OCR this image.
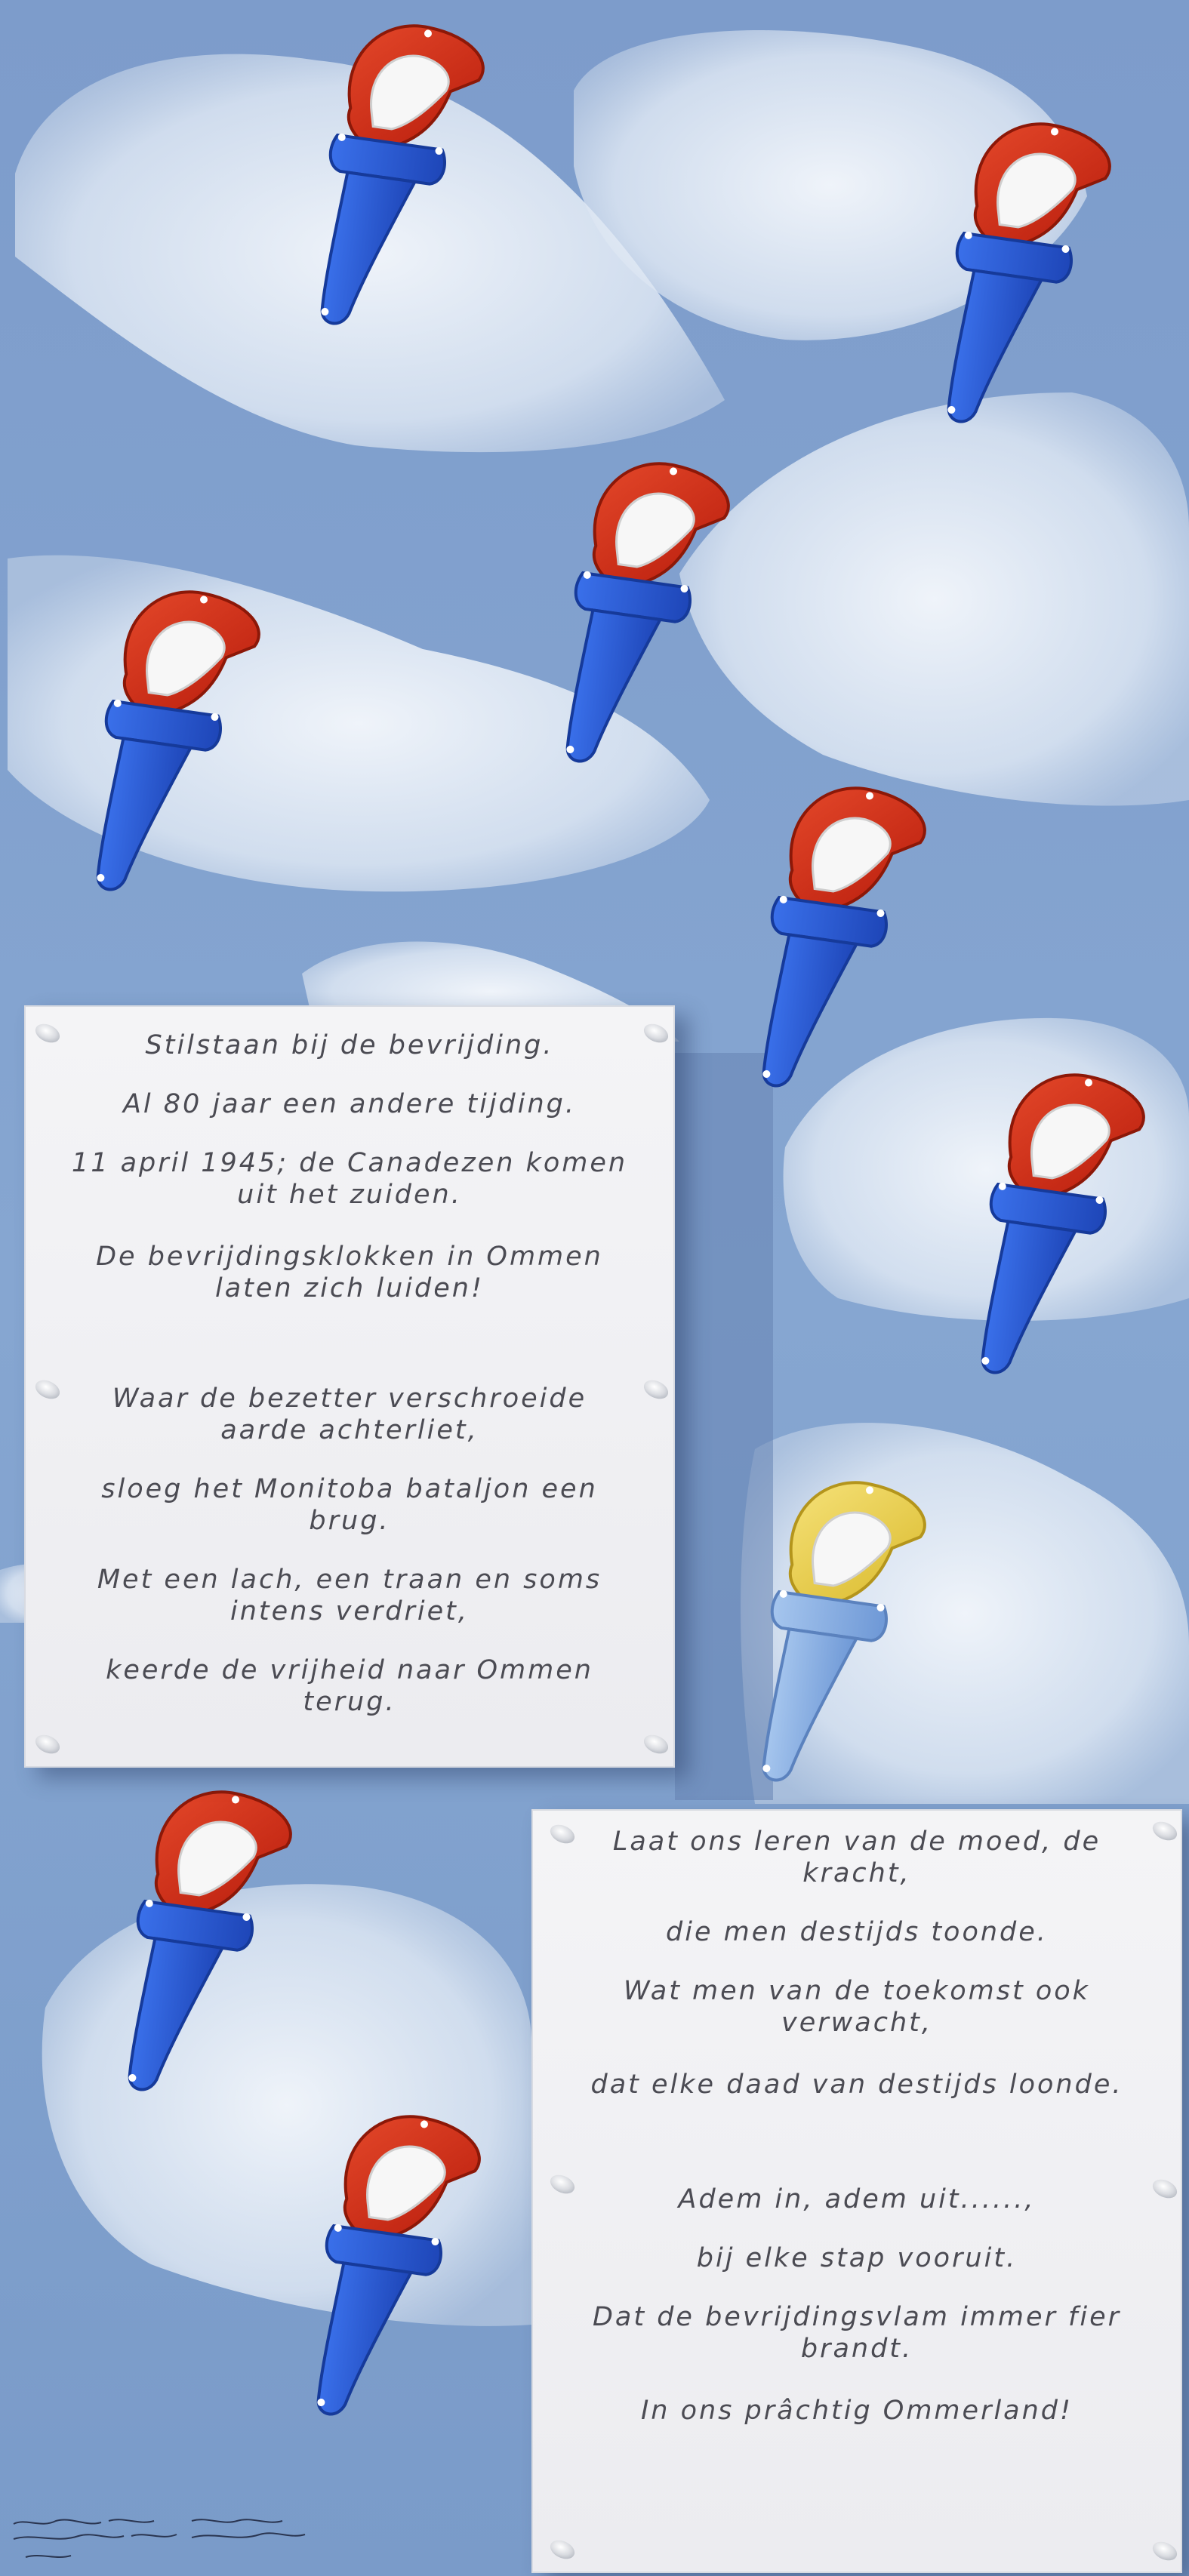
Stilstaan bij de bevrijding.
Al 80 jaar een andere tijding.
11 april 1945; de Canadezen komen
uit het zuiden.
De bevrijdingsklokken in Ommen
laten zich luiden!
Waar de bezetter verschroeide
aarde achterliet,
sloeg het Monitoba bataljon een
brug.
Met een lach, een traan en soms
intens verdriet,
keerde de vrijheid naar Ommen
terug.
Laat ons leren van de moed, de
kracht,
die men destijds toonde.
Wat men van de toekomst ook
verwacht,
dat elke daad van destijds loonde.
Adem in, adem uit......,
bij elke stap vooruit.
Dat de bevrijdingsvlam immer fier
brandt.
In ons prâchtig Ommerland!
